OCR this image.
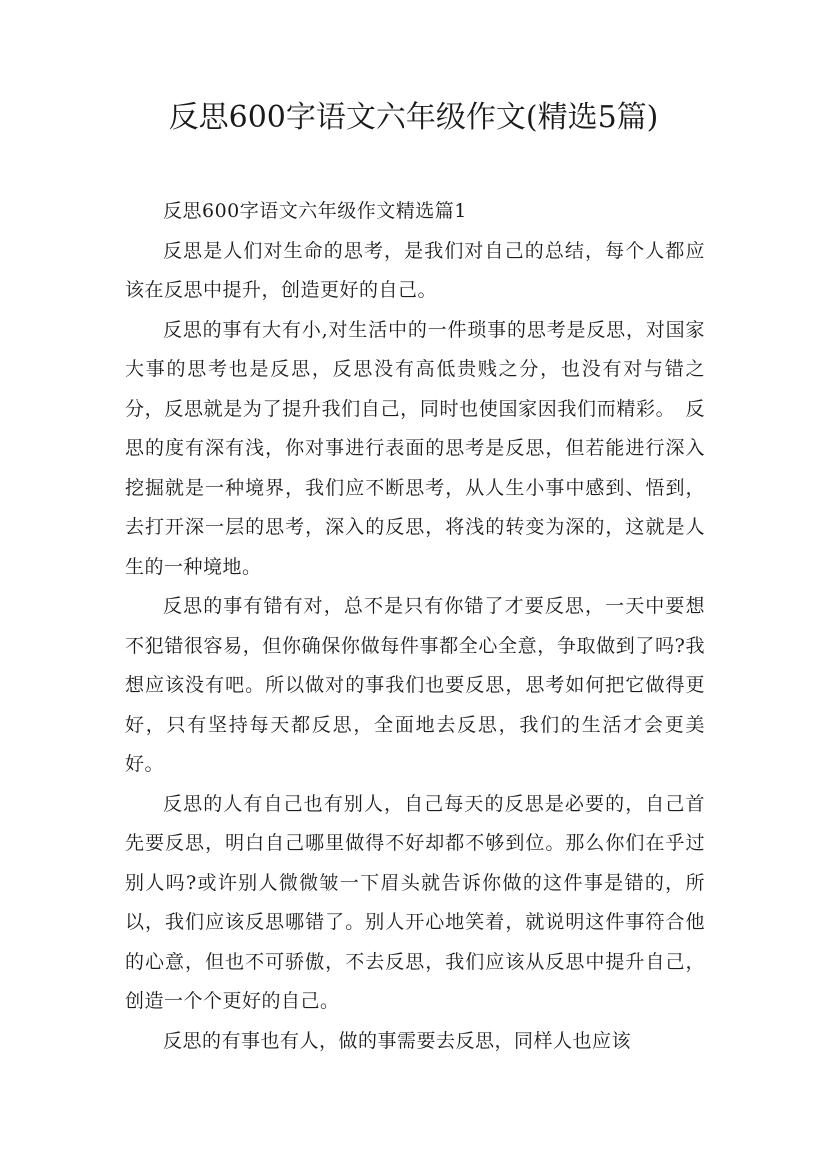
反思600字语文六年级作文(精选5篇)

反思600字语文六年级作文精选篇1

反思是人们对生命的思考，是我们对自己的总结，每个人都应该在反思中提升，创造更好的自己。

反思的事有大有小,对生活中的一件琐事的思考是反思，对国家大事的思考也是反思，反思没有高低贵贱之分，也没有对与错之分，反思就是为了提升我们自己，同时也使国家因我们而精彩。　反思的度有深有浅，你对事进行表面的思考是反思，但若能进行深入挖掘就是一种境界，我们应不断思考，从人生小事中感到、悟到，去打开深一层的思考，深入的反思，将浅的转变为深的，这就是人生的一种境地。

反思的事有错有对，总不是只有你错了才要反思，一天中要想不犯错很容易，但你确保你做每件事都全心全意，争取做到了吗?我想应该没有吧。所以做对的事我们也要反思，思考如何把它做得更好，只有坚持每天都反思，全面地去反思，我们的生活才会更美好。

反思的人有自己也有别人，自己每天的反思是必要的，自己首先要反思，明白自己哪里做得不好却都不够到位。那么你们在乎过别人吗?或许别人微微皱一下眉头就告诉你做的这件事是错的，所以，我们应该反思哪错了。别人开心地笑着，就说明这件事符合他的心意，但也不可骄傲，不去反思，我们应该从反思中提升自己，创造一个个更好的自己。

反思的有事也有人，做的事需要去反思，同样人也应该
